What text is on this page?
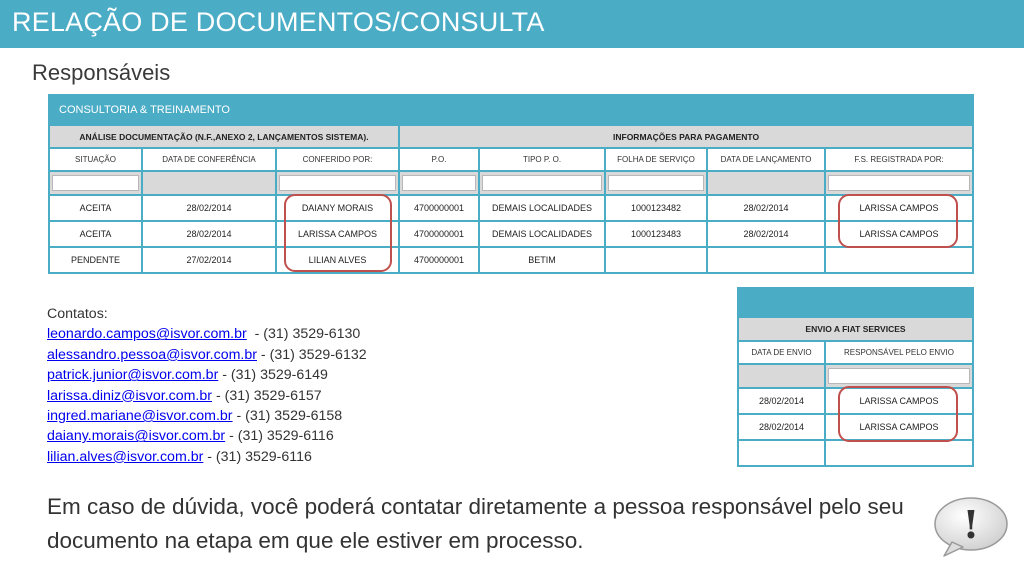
RELAÇÃO DE DOCUMENTOS/CONSULTA
Responsáveis
CONSULTORIA & TREINAMENTO							
ANÁLISE DOCUMENTAÇÃO (N.F.,ANEXO 2, LANÇAMENTOS SISTEMA).			INFORMAÇÕES PARA PAGAMENTO				
SITUAÇÃO	DATA DE CONFERÊNCIA	CONFERIDO POR:	P.O.	TIPO P. O.	FOLHA DE SERVIÇO	DATA DE LANÇAMENTO	F.S. REGISTRADA POR:

ACEITA	28/02/2014	DAIANY MORAIS	4700000001	DEMAIS LOCALIDADES	1000123482	28/02/2014	LARISSA CAMPOS
ACEITA	28/02/2014	LARISSA CAMPOS	4700000001	DEMAIS LOCALIDADES	1000123483	28/02/2014	LARISSA CAMPOS
PENDENTE	27/02/2014	LILIAN ALVES	4700000001	BETIM			

ENVIO A FIAT SERVICES	
DATA DE ENVIO	RESPONSÁVEL PELO ENVIO

28/02/2014	LARISSA CAMPOS
28/02/2014	LARISSA CAMPOS

Contatos:
leonardo.campos@isvor.com.br  - (31) 3529-6130
alessandro.pessoa@isvor.com.br - (31) 3529-6132
patrick.junior@isvor.com.br - (31) 3529-6149
larissa.diniz@isvor.com.br - (31) 3529-6157
ingred.mariane@isvor.com.br - (31) 3529-6158
daiany.morais@isvor.com.br - (31) 3529-6116
lilian.alves@isvor.com.br - (31) 3529-6116
Em caso de dúvida, você poderá contatar diretamente a pessoa responsável pelo seu documento na etapa em que ele estiver em processo.	!
